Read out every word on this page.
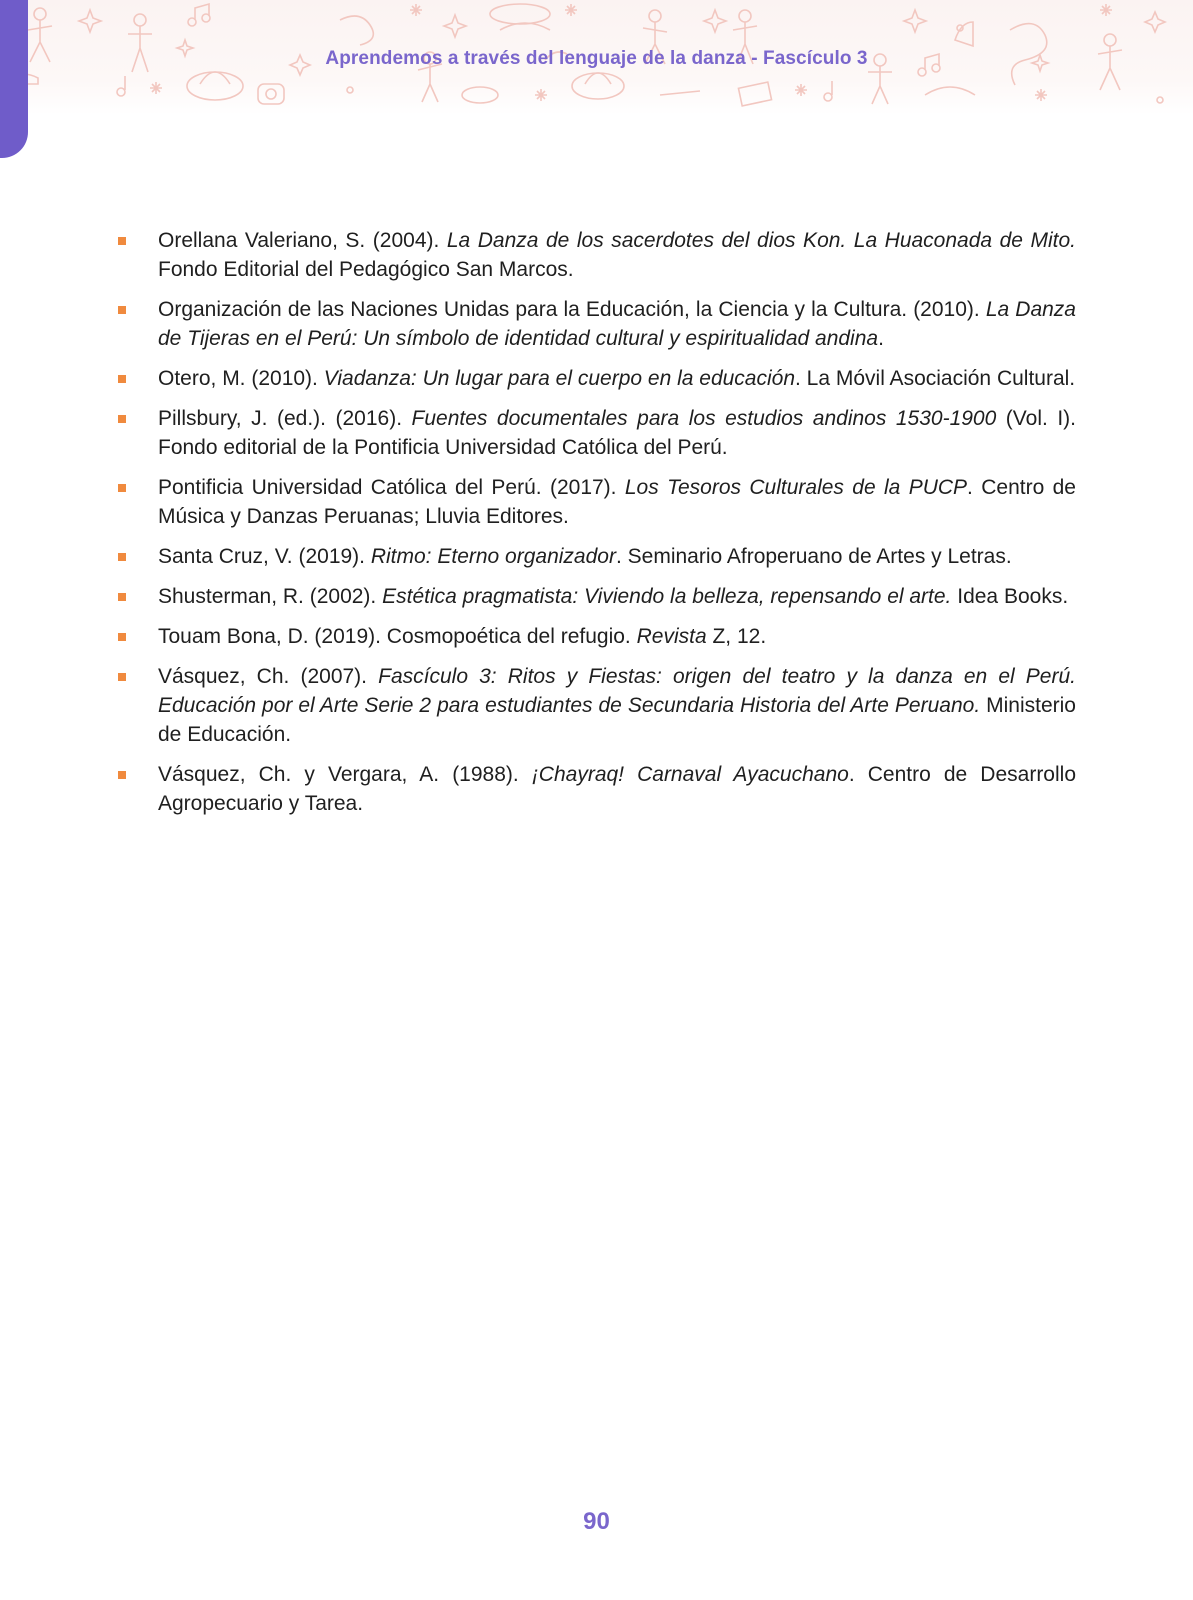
Aprendemos a través del lenguaje de la danza - Fascículo 3
Orellana Valeriano, S. (2004). La Danza de los sacerdotes del dios Kon. La Huaconada de Mito. Fondo Editorial del Pedagógico San Marcos.
Organización de las Naciones Unidas para la Educación, la Ciencia y la Cultura. (2010). La Danza de Tijeras en el Perú: Un símbolo de identidad cultural y espiritualidad andina.
Otero, M. (2010). Viadanza: Un lugar para el cuerpo en la educación. La Móvil Asociación Cultural.
Pillsbury, J. (ed.). (2016). Fuentes documentales para los estudios andinos 1530-1900 (Vol. I). Fondo editorial de la Pontificia Universidad Católica del Perú.
Pontificia Universidad Católica del Perú. (2017). Los Tesoros Culturales de la PUCP. Centro de Música y Danzas Peruanas; Lluvia Editores.
Santa Cruz, V. (2019). Ritmo: Eterno organizador. Seminario Afroperuano de Artes y Letras.
Shusterman, R. (2002). Estética pragmatista: Viviendo la belleza, repensando el arte. Idea Books.
Touam Bona, D. (2019). Cosmopoética del refugio. Revista Z, 12.
Vásquez, Ch. (2007). Fascículo 3: Ritos y Fiestas: origen del teatro y la danza en el Perú. Educación por el Arte Serie 2 para estudiantes de Secundaria Historia del Arte Peruano. Ministerio de Educación.
Vásquez, Ch. y Vergara, A. (1988). ¡Chayraq! Carnaval Ayacuchano. Centro de Desarrollo Agropecuario y Tarea.
90
